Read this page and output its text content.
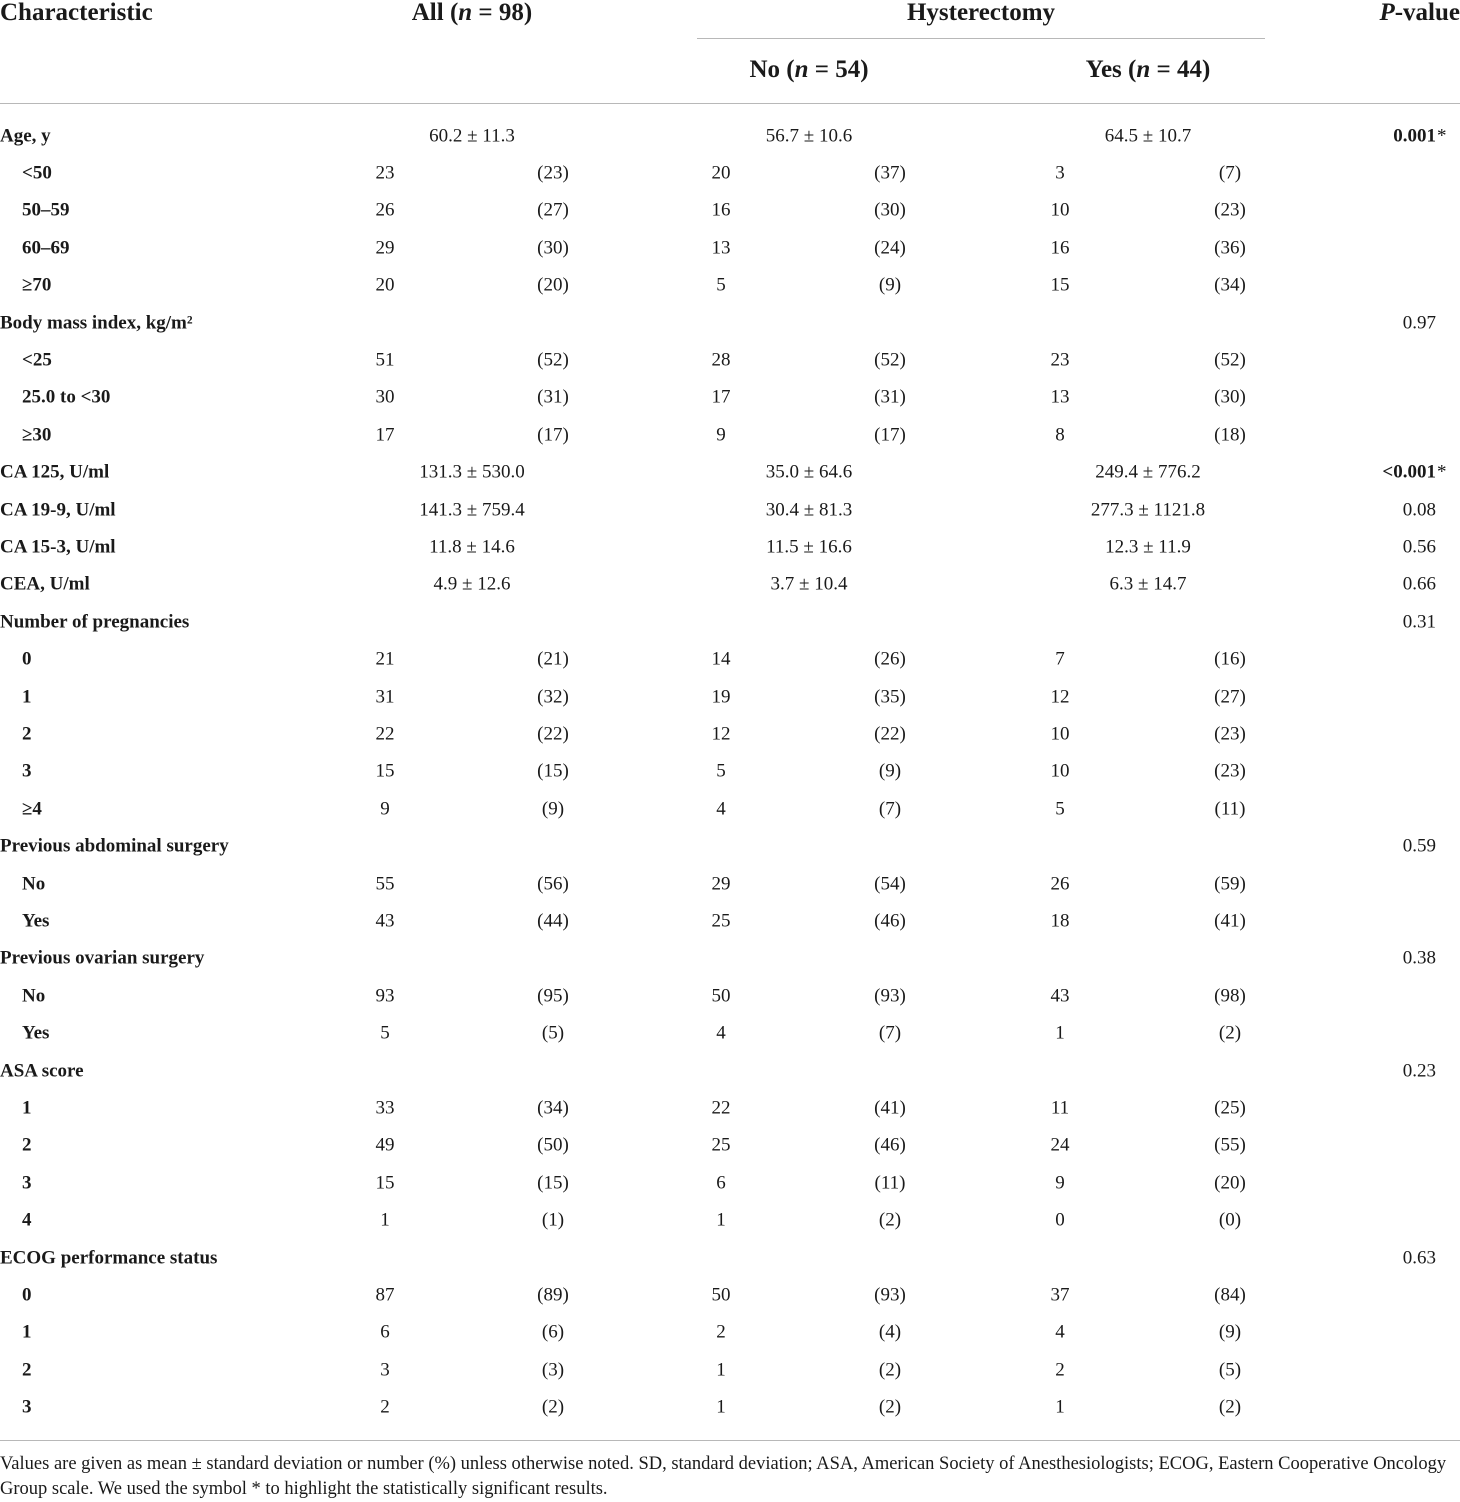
Characteristic	All (n = 98)	Hysterectomy	P-value
No (n = 54)	Yes (n = 44)
Age, y	60.2 ± 11.3	56.7 ± 10.6	64.5 ± 10.7	0.001 *
<50	23	(23)	20	(37)	3	(7)
50–59	26	(27)	16	(30)	10	(23)
60–69	29	(30)	13	(24)	16	(36)
≥70	20	(20)	5	(9)	15	(34)
Body mass index, kg/m²	0.97
<25	51	(52)	28	(52)	23	(52)
25.0 to <30	30	(31)	17	(31)	13	(30)
≥30	17	(17)	9	(17)	8	(18)
CA 125, U/ml	131.3 ± 530.0	35.0 ± 64.6	249.4 ± 776.2	<0.001 *
CA 19-9, U/ml	141.3 ± 759.4	30.4 ± 81.3	277.3 ± 1121.8	0.08
CA 15-3, U/ml	11.8 ± 14.6	11.5 ± 16.6	12.3 ± 11.9	0.56
CEA, U/ml	4.9 ± 12.6	3.7 ± 10.4	6.3 ± 14.7	0.66
Number of pregnancies	0.31
0	21	(21)	14	(26)	7	(16)
1	31	(32)	19	(35)	12	(27)
2	22	(22)	12	(22)	10	(23)
3	15	(15)	5	(9)	10	(23)
≥4	9	(9)	4	(7)	5	(11)
Previous abdominal surgery	0.59
No	55	(56)	29	(54)	26	(59)
Yes	43	(44)	25	(46)	18	(41)
Previous ovarian surgery	0.38
No	93	(95)	50	(93)	43	(98)
Yes	5	(5)	4	(7)	1	(2)
ASA score	0.23
1	33	(34)	22	(41)	11	(25)
2	49	(50)	25	(46)	24	(55)
3	15	(15)	6	(11)	9	(20)
4	1	(1)	1	(2)	0	(0)
ECOG performance status	0.63
0	87	(89)	50	(93)	37	(84)
1	6	(6)	2	(4)	4	(9)
2	3	(3)	1	(2)	2	(5)
3	2	(2)	1	(2)	1	(2)
Values are given as mean ± standard deviation or number (%) unless otherwise noted. SD, standard deviation; ASA, American Society of Anesthesiologists; ECOG, Eastern Cooperative Oncology Group scale. We used the symbol * to highlight the statistically significant results.
